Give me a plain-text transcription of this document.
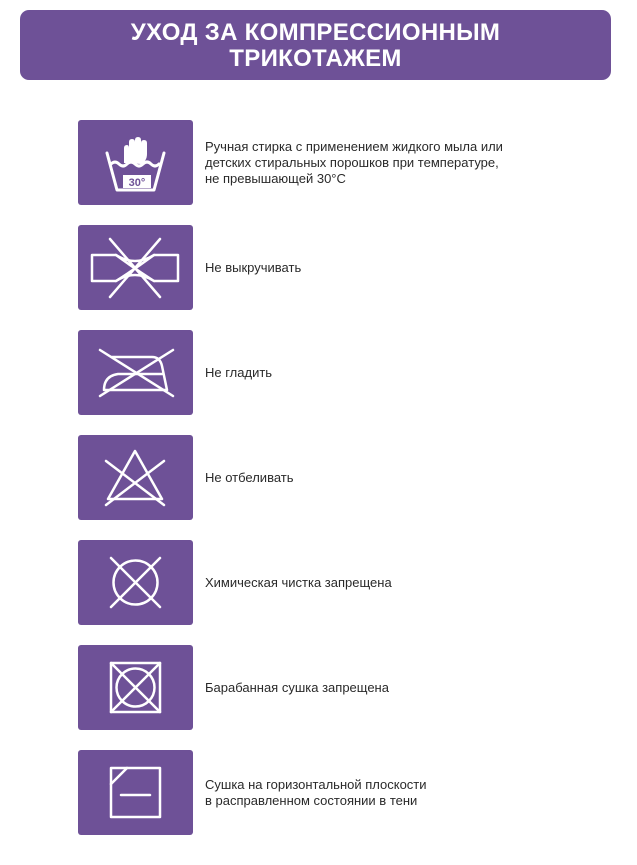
УХОД ЗА КОМПРЕССИОННЫМ
ТРИКОТАЖЕМ
30°
Ручная стирка с применением жидкого мыла или
детских стиральных порошков при температуре,
не превышающей 30°С
Не выкручивать
Не гладить
Не отбеливать
Химическая чистка запрещена
Барабанная сушка запрещена
Сушка на горизонтальной плоскости
в расправленном состоянии в тени
